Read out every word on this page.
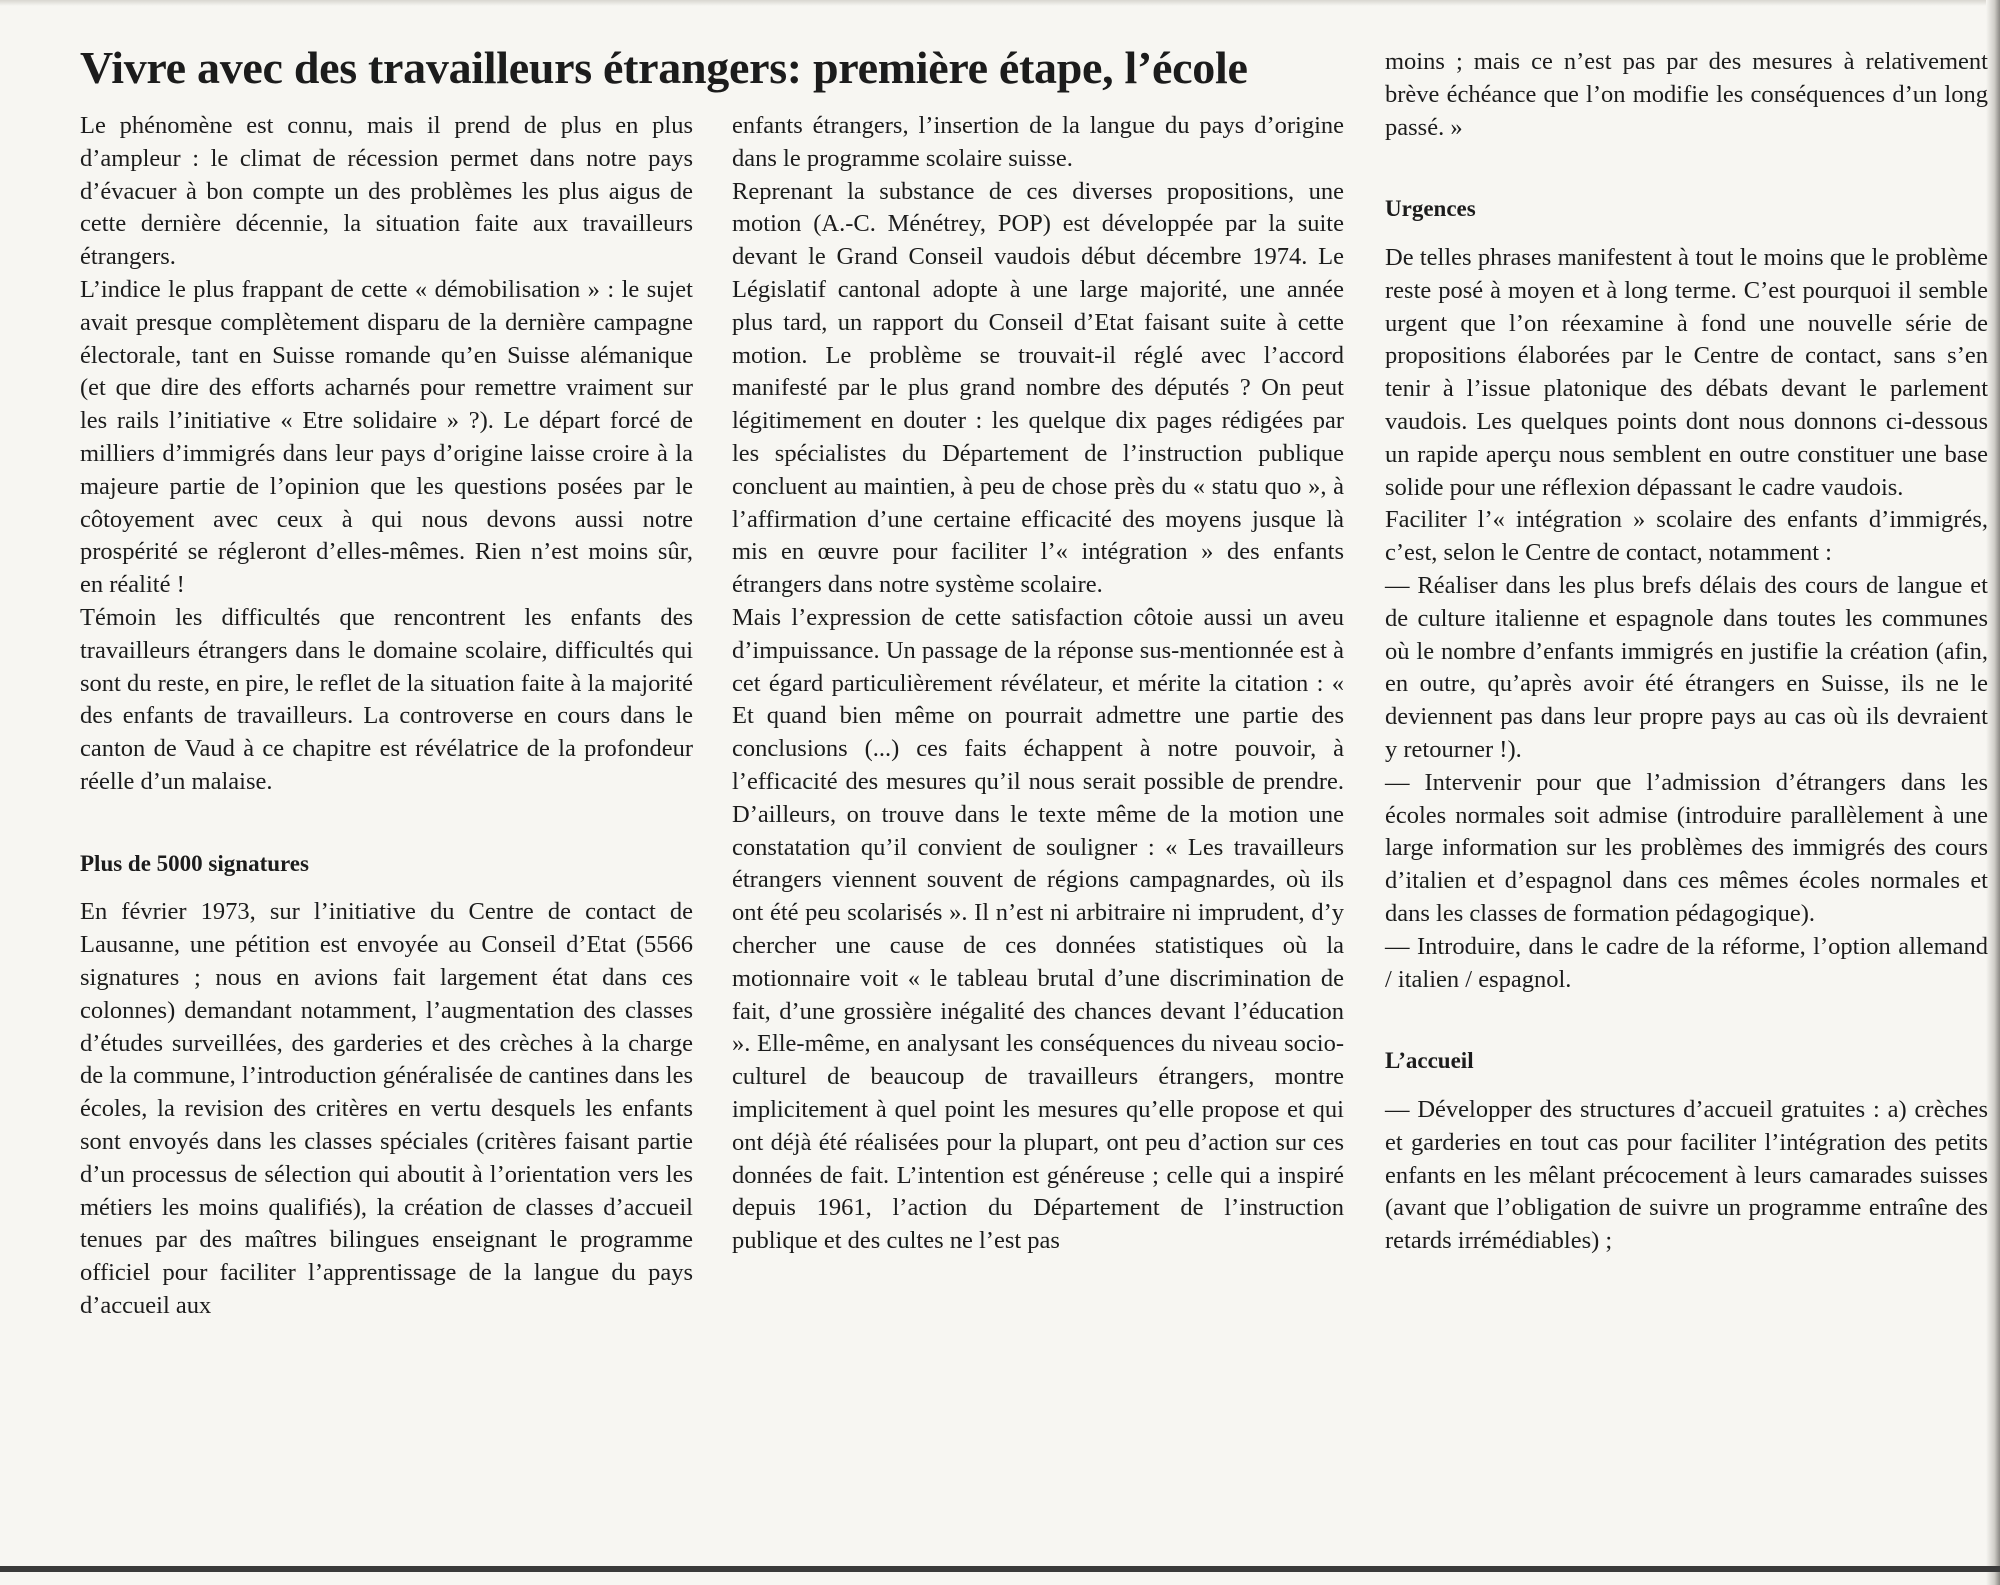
Vivre avec des travailleurs étrangers: première étape, l’école

Le phénomène est connu, mais il prend de plus en plus d’ampleur : le climat de récession permet dans notre pays d’évacuer à bon compte un des problèmes les plus aigus de cette dernière décennie, la situation faite aux travailleurs étrangers.

L’indice le plus frappant de cette « démobilisation » : le sujet avait presque complètement disparu de la dernière campagne électorale, tant en Suisse romande qu’en Suisse alémanique (et que dire des efforts acharnés pour remettre vraiment sur les rails l’initiative « Etre solidaire » ?). Le départ forcé de milliers d’immigrés dans leur pays d’origine laisse croire à la majeure partie de l’opinion que les questions posées par le côtoyement avec ceux à qui nous devons aussi notre prospérité se régleront d’elles-mêmes. Rien n’est moins sûr, en réalité !

Témoin les difficultés que rencontrent les enfants des travailleurs étrangers dans le domaine scolaire, difficultés qui sont du reste, en pire, le reflet de la situation faite à la majorité des enfants de travailleurs. La controverse en cours dans le canton de Vaud à ce chapitre est révélatrice de la profondeur réelle d’un malaise.

Plus de 5000 signatures

En février 1973, sur l’initiative du Centre de contact de Lausanne, une pétition est envoyée au Conseil d’Etat (5566 signatures ; nous en avions fait largement état dans ces colonnes) demandant notamment, l’augmentation des classes d’études surveillées, des garderies et des crèches à la charge de la commune, l’introduction généralisée de cantines dans les écoles, la revision des critères en vertu desquels les enfants sont envoyés dans les classes spéciales (critères faisant partie d’un processus de sélection qui aboutit à l’orientation vers les métiers les moins qualifiés), la création de classes d’accueil tenues par des maîtres bilingues enseignant le programme officiel pour faciliter l’apprentissage de la langue du pays d’accueil aux

enfants étrangers, l’insertion de la langue du pays d’origine dans le programme scolaire suisse.

Reprenant la substance de ces diverses propositions, une motion (A.-C. Ménétrey, POP) est développée par la suite devant le Grand Conseil vaudois début décembre 1974. Le Législatif cantonal adopte à une large majorité, une année plus tard, un rapport du Conseil d’Etat faisant suite à cette motion. Le problème se trouvait-il réglé avec l’accord manifesté par le plus grand nombre des députés ? On peut légitimement en douter : les quelque dix pages rédigées par les spécialistes du Département de l’instruction publique concluent au maintien, à peu de chose près du « statu quo », à l’affirmation d’une certaine efficacité des moyens jusque là mis en œuvre pour faciliter l’« intégration » des enfants étrangers dans notre système scolaire.

Mais l’expression de cette satisfaction côtoie aussi un aveu d’impuissance. Un passage de la réponse sus-mentionnée est à cet égard particulièrement révélateur, et mérite la citation : « Et quand bien même on pourrait admettre une partie des conclusions (...) ces faits échappent à notre pouvoir, à l’efficacité des mesures qu’il nous serait possible de prendre. D’ailleurs, on trouve dans le texte même de la motion une constatation qu’il convient de souligner : « Les travailleurs étrangers viennent souvent de régions campagnardes, où ils ont été peu scolarisés ». Il n’est ni arbitraire ni imprudent, d’y chercher une cause de ces données statistiques où la motionnaire voit « le tableau brutal d’une discrimination de fait, d’une grossière inégalité des chances devant l’éducation ». Elle-même, en analysant les conséquences du niveau socio-culturel de beaucoup de travailleurs étrangers, montre implicitement à quel point les mesures qu’elle propose et qui ont déjà été réalisées pour la plupart, ont peu d’action sur ces données de fait. L’intention est généreuse ; celle qui a inspiré depuis 1961, l’action du Département de l’instruction publique et des cultes ne l’est pas

moins ; mais ce n’est pas par des mesures à relativement brève échéance que l’on modifie les conséquences d’un long passé. »

Urgences

De telles phrases manifestent à tout le moins que le problème reste posé à moyen et à long terme. C’est pourquoi il semble urgent que l’on réexamine à fond une nouvelle série de propositions élaborées par le Centre de contact, sans s’en tenir à l’issue platonique des débats devant le parlement vaudois. Les quelques points dont nous donnons ci-dessous un rapide aperçu nous semblent en outre constituer une base solide pour une réflexion dépassant le cadre vaudois.

Faciliter l’« intégration » scolaire des enfants d’immigrés, c’est, selon le Centre de contact, notamment :

— Réaliser dans les plus brefs délais des cours de langue et de culture italienne et espagnole dans toutes les communes où le nombre d’enfants immigrés en justifie la création (afin, en outre, qu’après avoir été étrangers en Suisse, ils ne le deviennent pas dans leur propre pays au cas où ils devraient y retourner !).

— Intervenir pour que l’admission d’étrangers dans les écoles normales soit admise (introduire parallèlement à une large information sur les problèmes des immigrés des cours d’italien et d’espagnol dans ces mêmes écoles normales et dans les classes de formation pédagogique).

— Introduire, dans le cadre de la réforme, l’option allemand / italien / espagnol.

L’accueil

— Développer des structures d’accueil gratuites : a) crèches et garderies en tout cas pour faciliter l’intégration des petits enfants en les mêlant précocement à leurs camarades suisses (avant que l’obligation de suivre un programme entraîne des retards irrémédiables) ;
